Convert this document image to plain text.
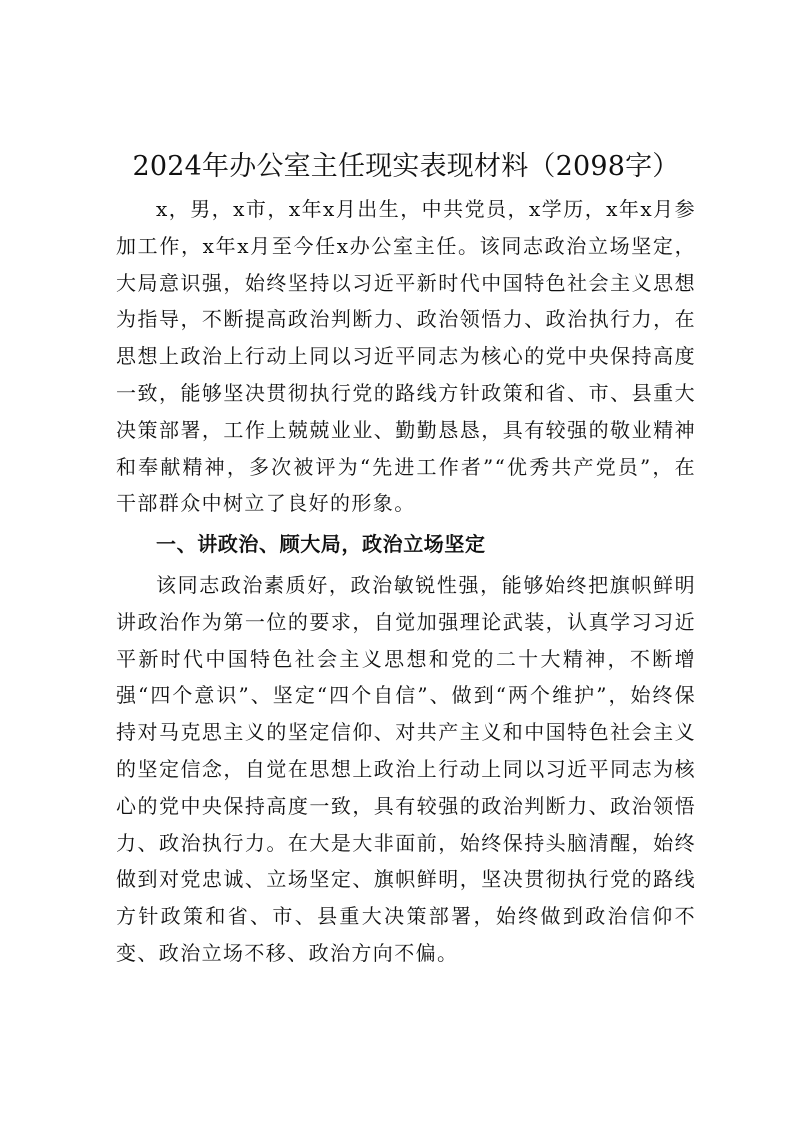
2024年办公室主任现实表现材料（2098字）

x，男，x市，x年x月出生，中共党员，x学历，x年x月参加工作，x年x月至今任x办公室主任。该同志政治立场坚定，大局意识强，始终坚持以习近平新时代中国特色社会主义思想为指导，不断提高政治判断力、政治领悟力、政治执行力，在思想上政治上行动上同以习近平同志为核心的党中央保持高度一致，能够坚决贯彻执行党的路线方针政策和省、市、县重大决策部署，工作上兢兢业业、勤勤恳恳，具有较强的敬业精神和奉献精神，多次被评为“先进工作者”“优秀共产党员”，在干部群众中树立了良好的形象。

一、讲政治、顾大局，政治立场坚定

该同志政治素质好，政治敏锐性强，能够始终把旗帜鲜明讲政治作为第一位的要求，自觉加强理论武装，认真学习习近平新时代中国特色社会主义思想和党的二十大精神，不断增强“四个意识”、坚定“四个自信”、做到“两个维护”，始终保持对马克思主义的坚定信仰、对共产主义和中国特色社会主义的坚定信念，自觉在思想上政治上行动上同以习近平同志为核心的党中央保持高度一致，具有较强的政治判断力、政治领悟力、政治执行力。在大是大非面前，始终保持头脑清醒，始终做到对党忠诚、立场坚定、旗帜鲜明，坚决贯彻执行党的路线方针政策和省、市、县重大决策部署，始终做到政治信仰不变、政治立场不移、政治方向不偏。
